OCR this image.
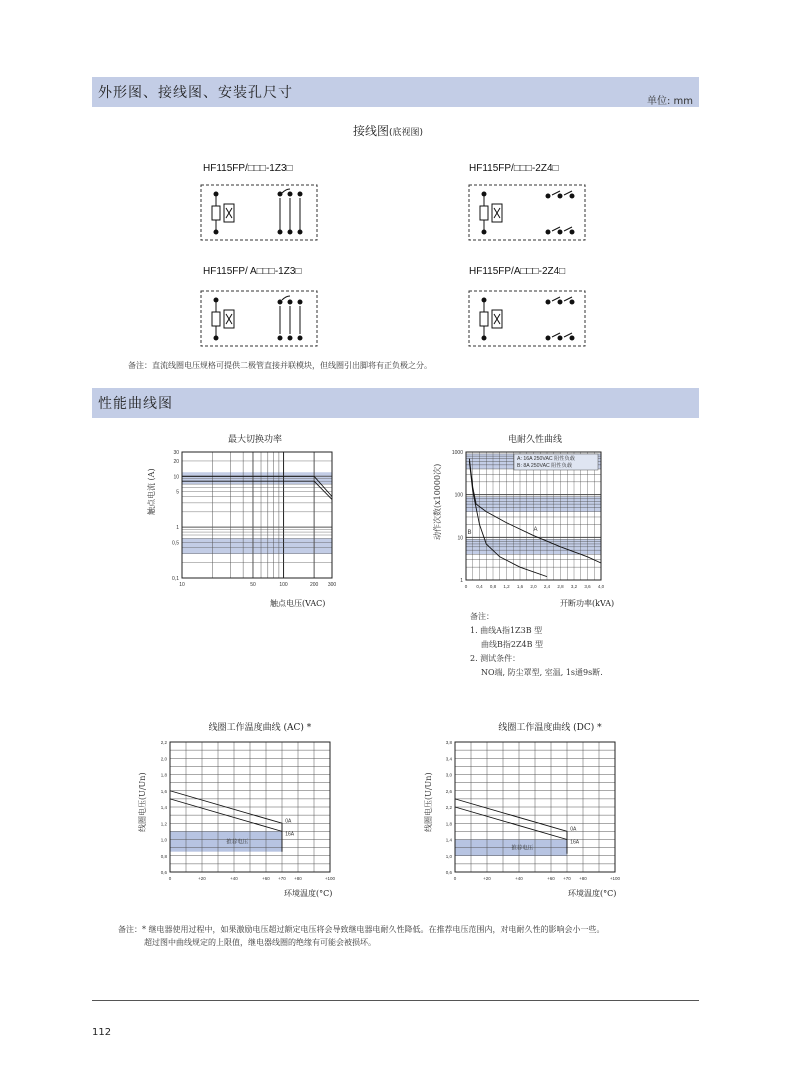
外形图、接线图、安装孔尺寸
单位: mm
接线图(底视图)
HF115FP/□□□-1Z3□	HF115FP/□□□-2Z4□
HF115FP/ A□□□-1Z3□	HF115FP/A□□□-2Z4□
备注：直流线圈电压规格可提供二极管直接并联模块，但线圈引出脚将有正负极之分。
性能曲线图
最大切换功率
触点电流 (A)
10	50	100	200 300
30
20
10
5
1
0,5
0,1
触点电压(VAC)
电耐久性曲线
动作次数(x10000次)
0 0,4 0,8 1,2 1,6 2,0 2,4 2,8 3,2 3,6 4,0
1000
100
10
1
A: 16A 250VAC 阻性负载
B: 8A 250VAC 阻性负载
A
B
开断功率(kVA)
备注：
1. 曲线A指1Z3B 型
曲线B指2Z4B 型
2. 测试条件：
NO端, 防尘罩型, 室温, 1s通9s断.
线圈工作温度曲线 (AC) *
线圈电压(U/Un)
0	+20	+40	+60 +70 +80	+100
2,2
2,0
1,8
1,6
1,4
1,2
1,0
0,8
0,6
推荐电压
0A
16A
环境温度(°C)
线圈工作温度曲线 (DC) *
线圈电压(U/Un)
0	+20	+40	+60 +70 +80	+100
3,8
3,4
3,0
2,6
2,2
1,8
1,4
1,0
0,6
推荐电压
0A
16A
环境温度(°C)
备注：* 继电器使用过程中，如果激励电压超过额定电压将会导致继电器电耐久性降低。在推荐电压范围内，对电耐久性的影响会小一些。
超过图中曲线规定的上限值，继电器线圈的绝缘有可能会被损坏。
112
